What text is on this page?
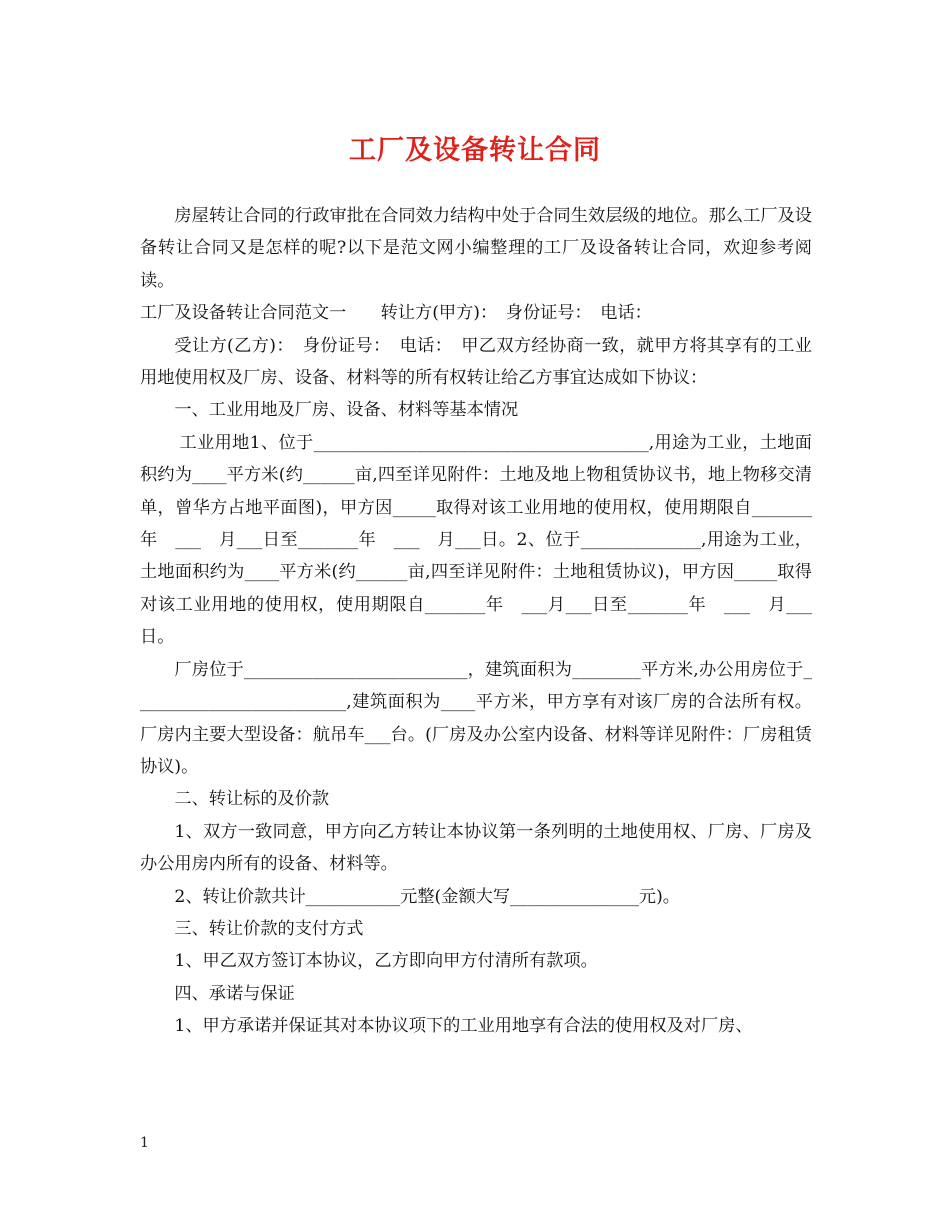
工厂及设备转让合同

房屋转让合同的行政审批在合同效力结构中处于合同生效层级的地位。那么工厂及设备转让合同又是怎样的呢?以下是范文网小编整理的工厂及设备转让合同，欢迎参考阅读。

工厂及设备转让合同范文一　　转让方(甲方)：　身份证号：　电话：

受让方(乙方)：　身份证号：　电话：　甲乙双方经协商一致，就甲方将其享有的工业用地使用权及厂房、设备、材料等的所有权转让给乙方事宜达成如下协议：

一、工业用地及厂房、设备、材料等基本情况

工业用地1、位于_______________________________________,用途为工业，土地面积约为____平方米(约______亩,四至详见附件：土地及地上物租赁协议书，地上物移交清单，曾华方占地平面图)，甲方因_____取得对该工业用地的使用权，使用期限自_______年　___　月___日至_______年　___　月___日。2、位于______________,用途为工业，土地面积约为____平方米(约______亩,四至详见附件：土地租赁协议)，甲方因_____取得对该工业用地的使用权，使用期限自_______年　___月___日至_______年　___　月___日。

厂房位于__________________________，建筑面积为________平方米,办公用房位于_________________________,建筑面积为____平方米，甲方享有对该厂房的合法所有权。厂房内主要大型设备：航吊车___台。(厂房及办公室内设备、材料等详见附件：厂房租赁协议)。

二、转让标的及价款

1、双方一致同意，甲方向乙方转让本协议第一条列明的土地使用权、厂房、厂房及办公用房内所有的设备、材料等。

2、转让价款共计___________元整(金额大写_______________元)。

三、转让价款的支付方式

1、甲乙双方签订本协议，乙方即向甲方付清所有款项。

四、承诺与保证

1、甲方承诺并保证其对本协议项下的工业用地享有合法的使用权及对厂房、

1
